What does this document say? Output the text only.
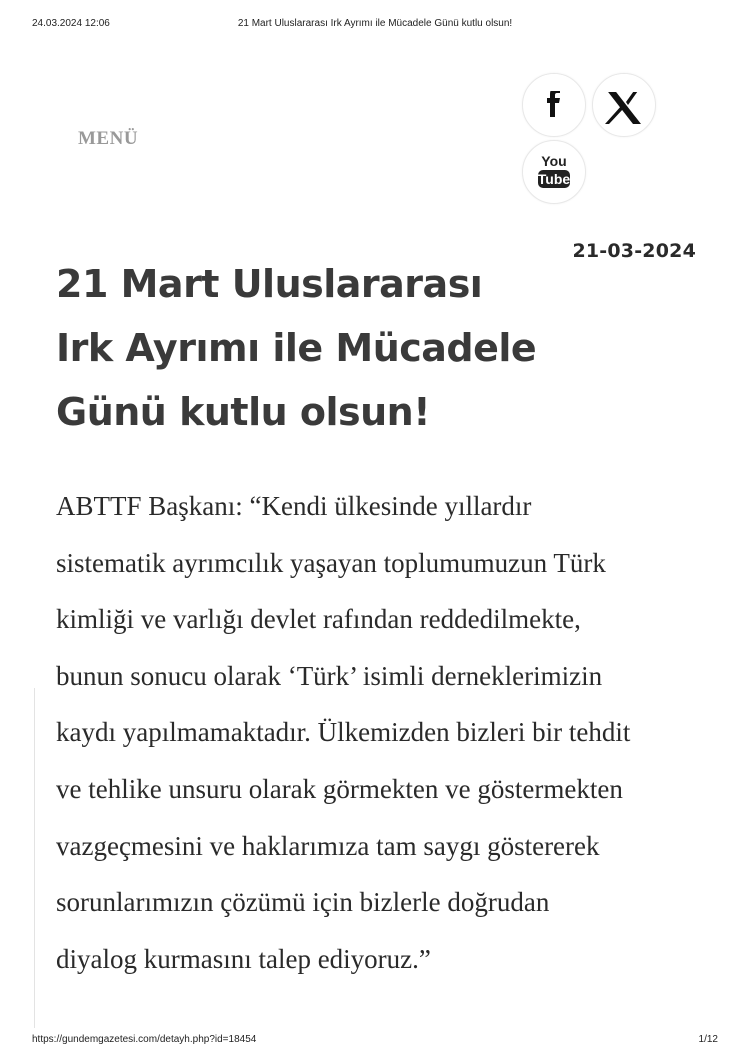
24.03.2024 12:06	21 Mart Uluslararası Irk Ayrımı ile Mücadele Günü kutlu olsun!
MENÜ
You
Tube
21-03-2024
21 Mart Uluslararası
Irk Ayrımı ile Mücadele
Günü kutlu olsun!

ABTTF Başkanı: “Kendi ülkesinde yıllardır
sistematik ayrımcılık yaşayan toplumumuzun Türk
kimliği ve varlığı devlet rafından reddedilmekte,
bunun sonucu olarak ‘Türk’ isimli derneklerimizin
kaydı yapılmamaktadır. Ülkemizden bizleri bir tehdit
ve tehlike unsuru olarak görmekten ve göstermekten
vazgeçmesini ve haklarımıza tam saygı göstererek
sorunlarımızın çözümü için bizlerle doğrudan
diyalog kurmasını talep ediyoruz.”

https://gundemgazetesi.com/detayh.php?id=18454	1/12
